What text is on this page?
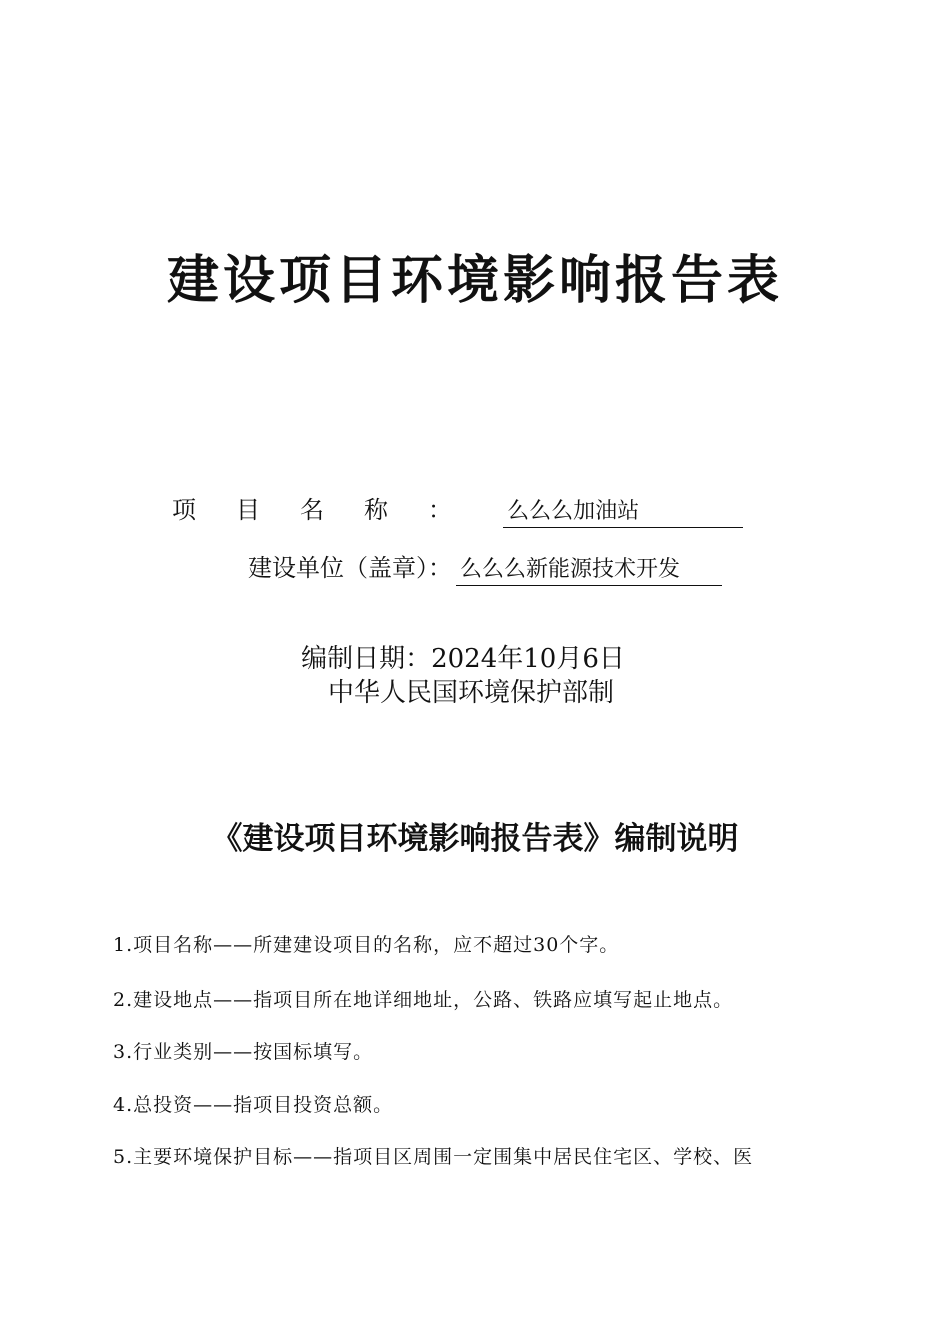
建设项目环境影响报告表
项目名称： 么么么加油站
建设单位（盖章）： 么么么新能源技术开发
编制日期：2024年10月6日
中华人民国环境保护部制
《建设项目环境影响报告表》编制说明
1.项目名称——所建建设项目的名称，应不超过30个字。
2.建设地点——指项目所在地详细地址，公路、铁路应填写起止地点。
3.行业类别——按国标填写。
4.总投资——指项目投资总额。
5.主要环境保护目标——指项目区周围一定围集中居民住宅区、学校、医
